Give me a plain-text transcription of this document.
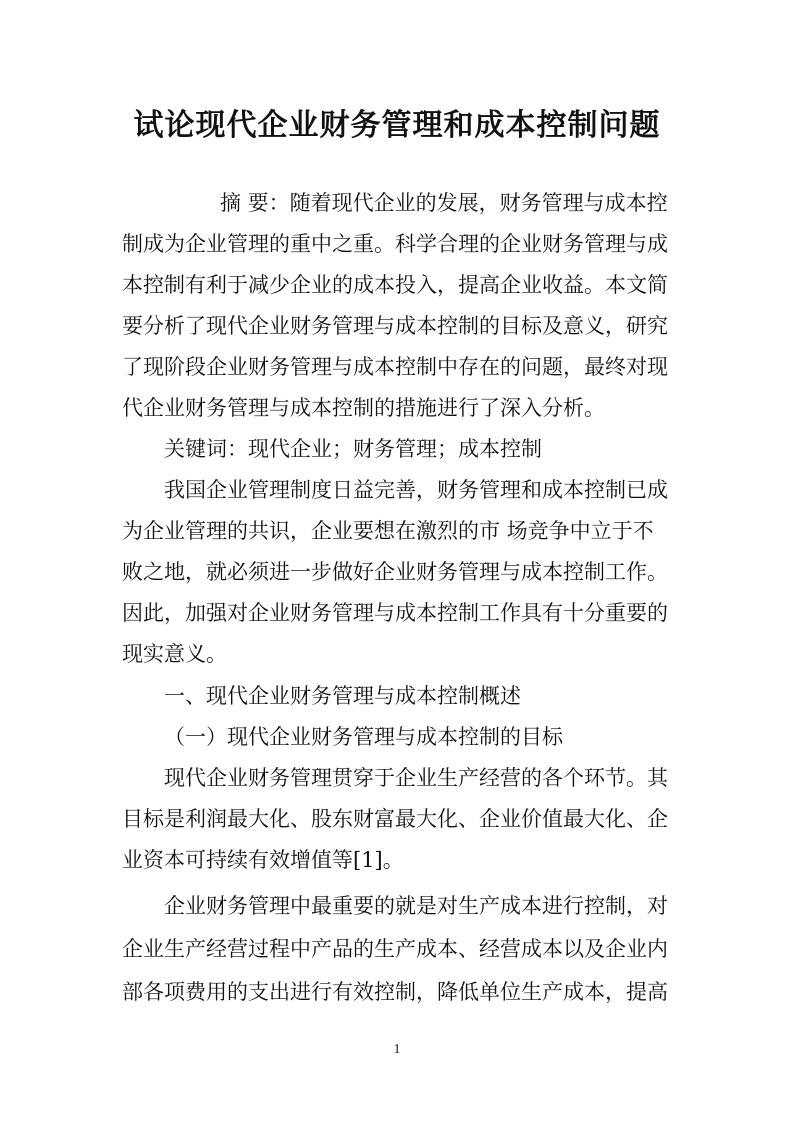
试论现代企业财务管理和成本控制问题
摘 要：随着现代企业的发展，财务管理与成本控
制成为企业管理的重中之重。科学合理的企业财务管理与成
本控制有利于减少企业的成本投入，提高企业收益。本文简
要分析了现代企业财务管理与成本控制的目标及意义，研究
了现阶段企业财务管理与成本控制中存在的问题，最终对现
代企业财务管理与成本控制的措施进行了深入分析。
关键词：现代企业；财务管理；成本控制
我国企业管理制度日益完善，财务管理和成本控制已成
为企业管理的共识，企业要想在激烈的市 场竞争中立于不
败之地，就必须进一步做好企业财务管理与成本控制工作。
因此，加强对企业财务管理与成本控制工作具有十分重要的
现实意义。
一、现代企业财务管理与成本控制概述
（一）现代企业财务管理与成本控制的目标
现代企业财务管理贯穿于企业生产经营的各个环节。其
目标是利润最大化、股东财富最大化、企业价值最大化、企
业资本可持续有效增值等[1]。
企业财务管理中最重要的就是对生产成本进行控制，对
企业生产经营过程中产品的生产成本、经营成本以及企业内
部各项费用的支出进行有效控制，降低单位生产成本，提高
1
